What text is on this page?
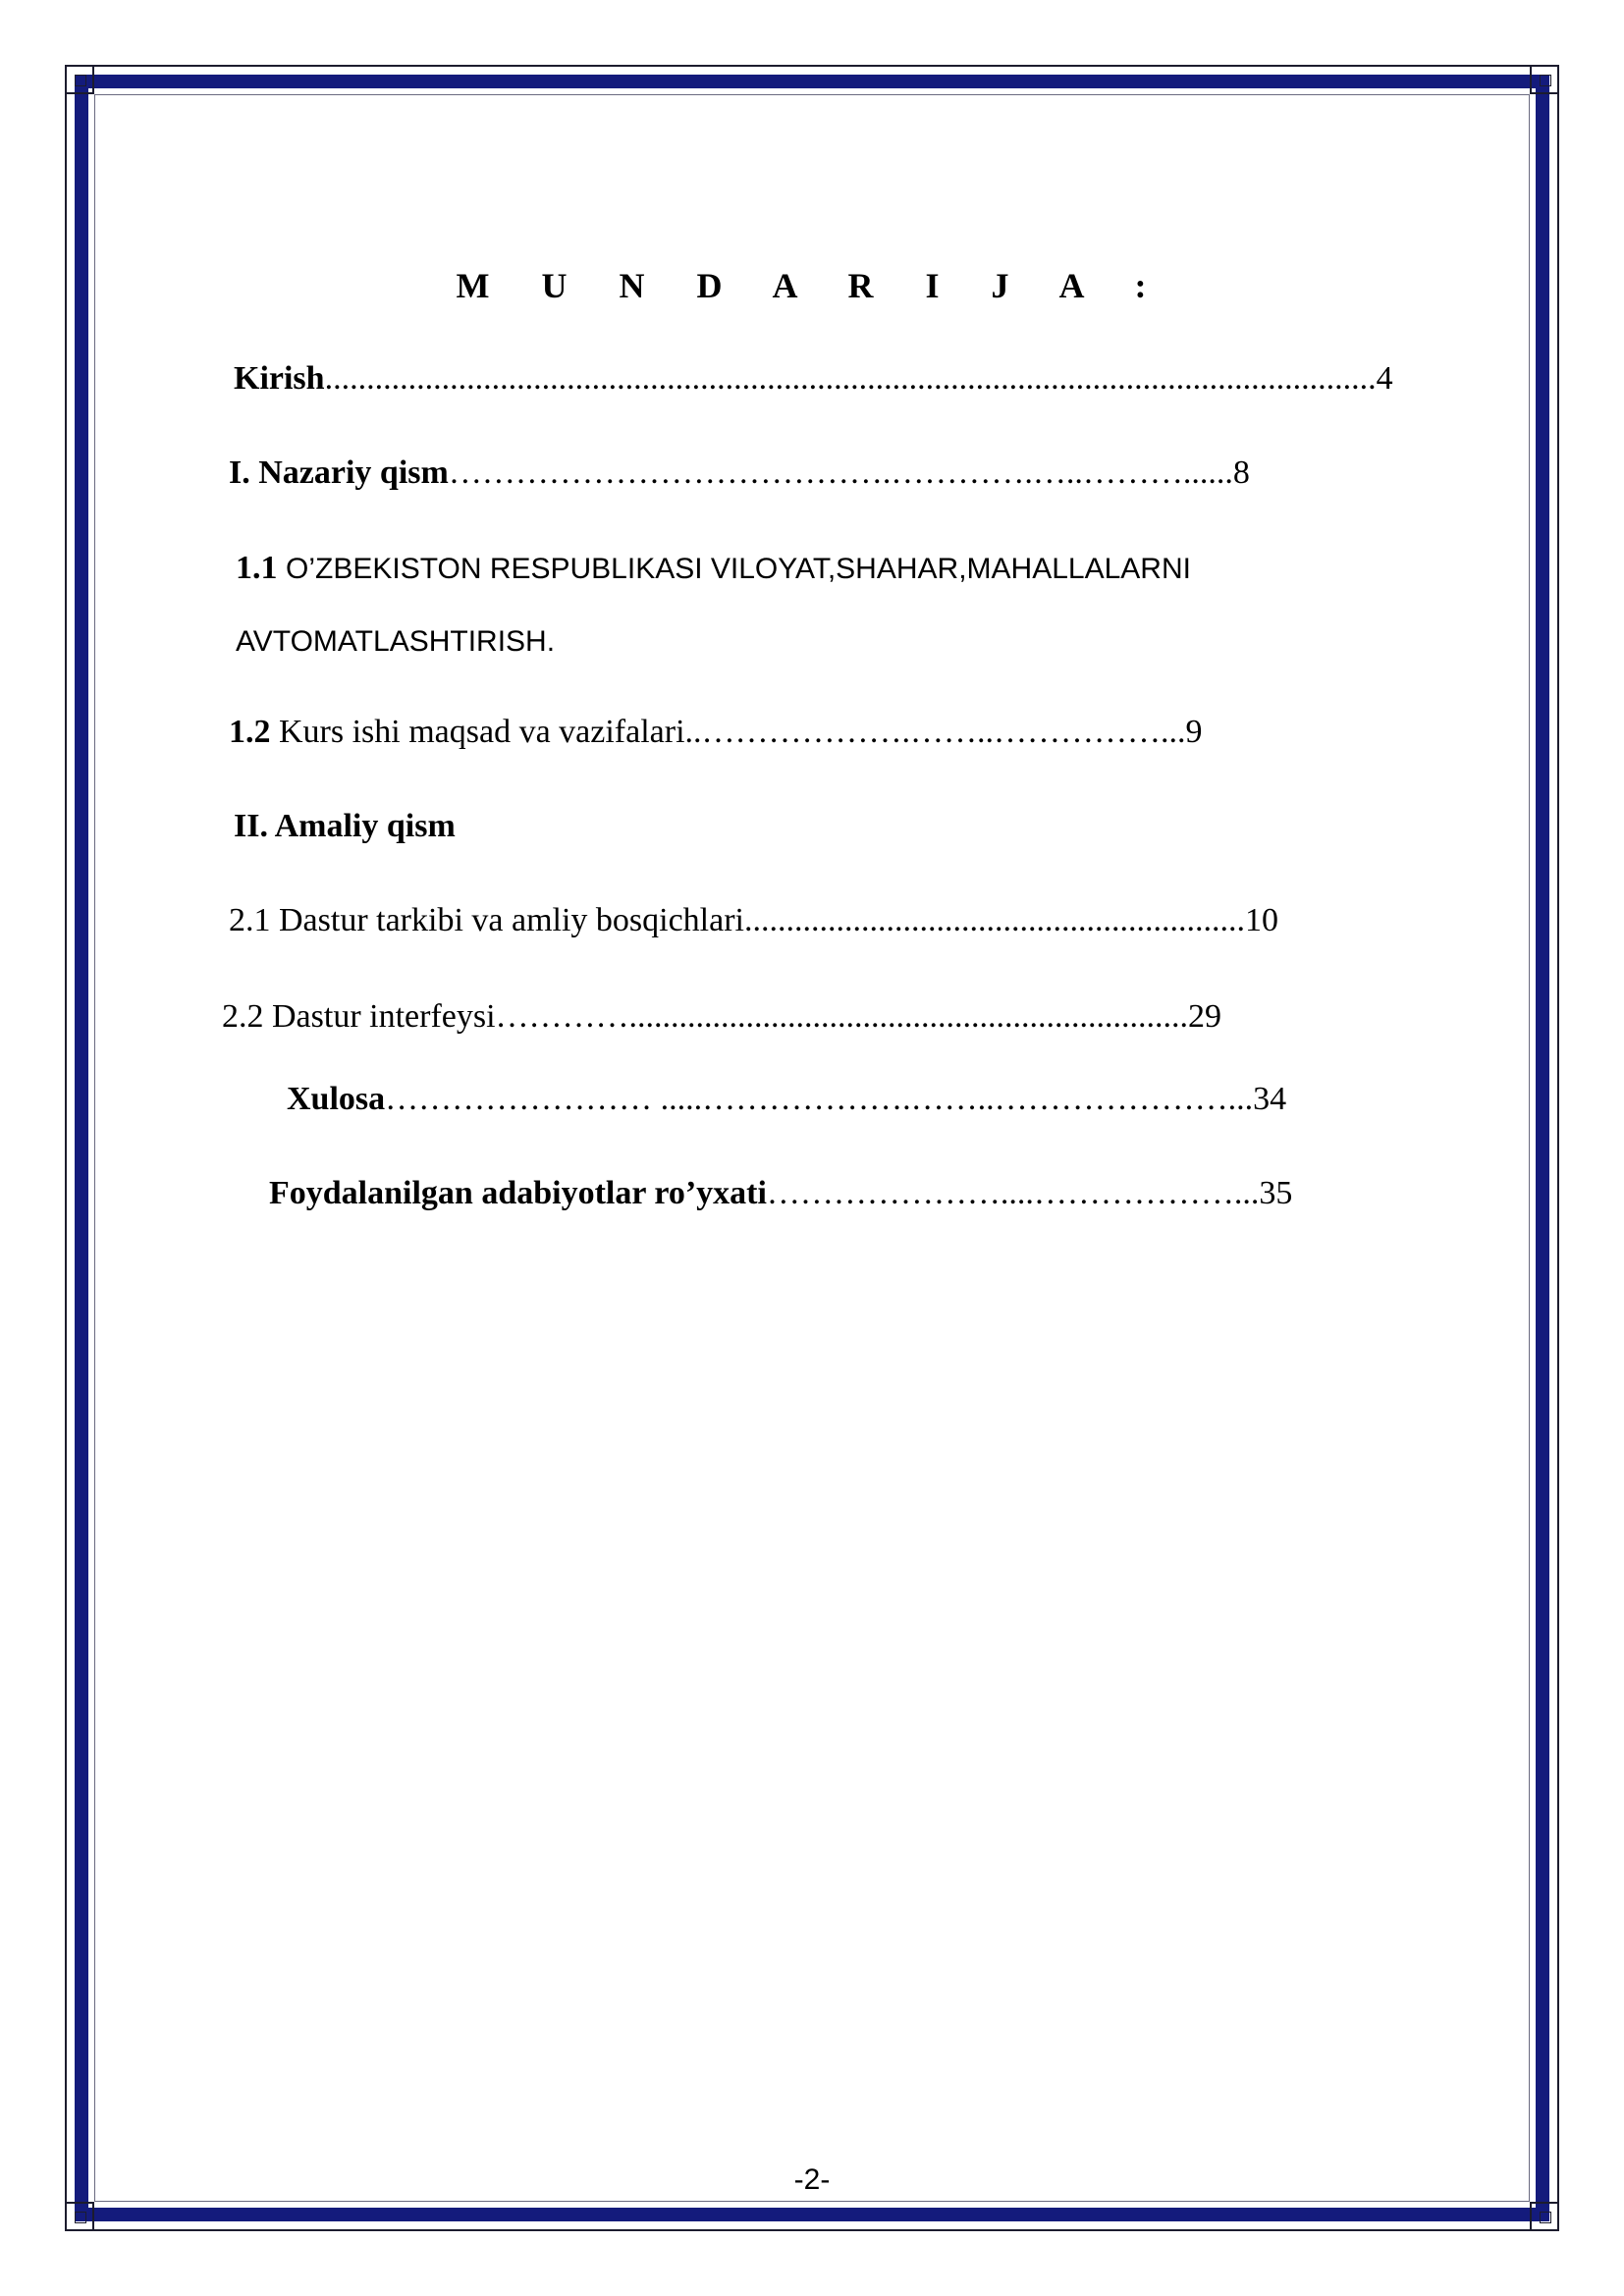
M U N D A R I J A :
Kirish..............................................................................................................................4
I. Nazariy qism………………………………….………….…..………......8
1.1 O’ZBEKISTON RESPUBLIKASI VILOYAT,SHAHAR,MAHALLALARNI
AVTOMATLASHTIRISH.
1.2 Kurs ishi maqsad va vazifalari..……………….……..……………...9
II. Amaliy qism
2.1 Dastur tarkibi va amliy bosqichlari............................................................10
2.2 Dastur interfeysi…………...................................................................29
Xulosa…………………… .....……………….……..…………………...34
Foydalanilgan adabiyotlar ro’yxati…………………....………………...35
-2-
